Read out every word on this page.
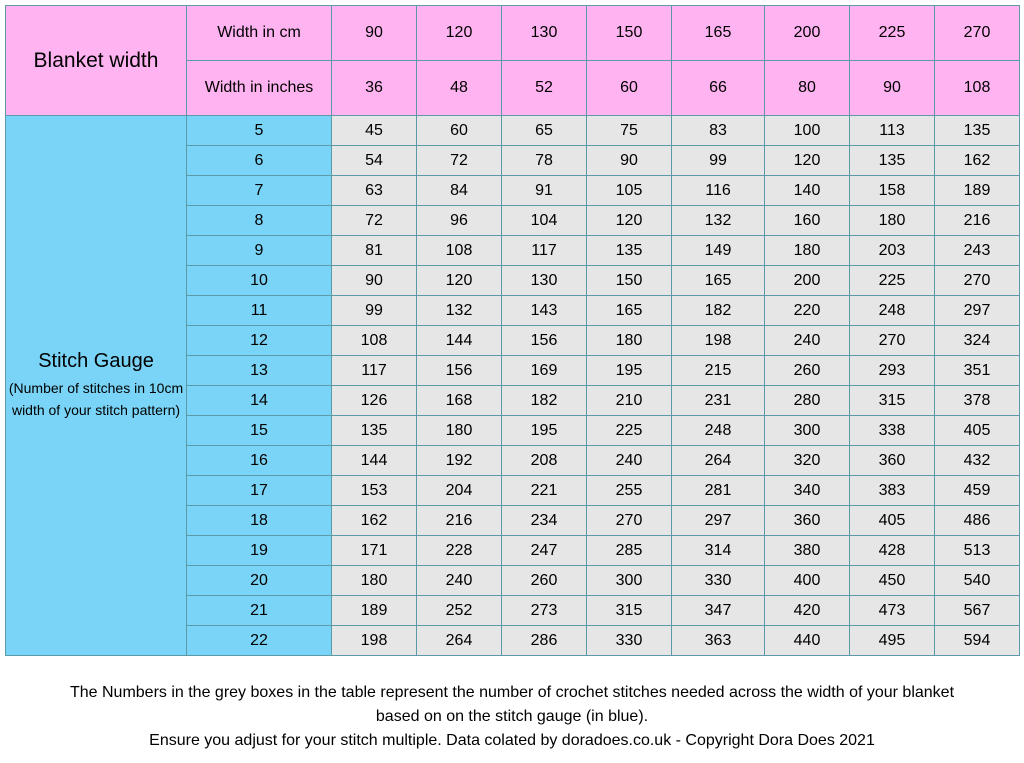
Blanket width	Width in cm	90	120	130	150	165	200	225	270
	Width in inches	36	48	52	60	66	80	90	108

Stitch Gauge
(Number of stitches in 10cm width of your stitch pattern)	5	45	60	65	75	83	100	113	135
	6	54	72	78	90	99	120	135	162
	7	63	84	91	105	116	140	158	189
	8	72	96	104	120	132	160	180	216
	9	81	108	117	135	149	180	203	243
	10	90	120	130	150	165	200	225	270
	11	99	132	143	165	182	220	248	297
	12	108	144	156	180	198	240	270	324
	13	117	156	169	195	215	260	293	351
	14	126	168	182	210	231	280	315	378
	15	135	180	195	225	248	300	338	405
	16	144	192	208	240	264	320	360	432
	17	153	204	221	255	281	340	383	459
	18	162	216	234	270	297	360	405	486
	19	171	228	247	285	314	380	428	513
	20	180	240	260	300	330	400	450	540
	21	189	252	273	315	347	420	473	567
	22	198	264	286	330	363	440	495	594
The Numbers in the grey boxes in the table represent the number of crochet stitches needed across the width of your blanket
based on on the stitch gauge (in blue).
Ensure you adjust for your stitch multiple. Data colated by doradoes.co.uk - Copyright Dora Does 2021
